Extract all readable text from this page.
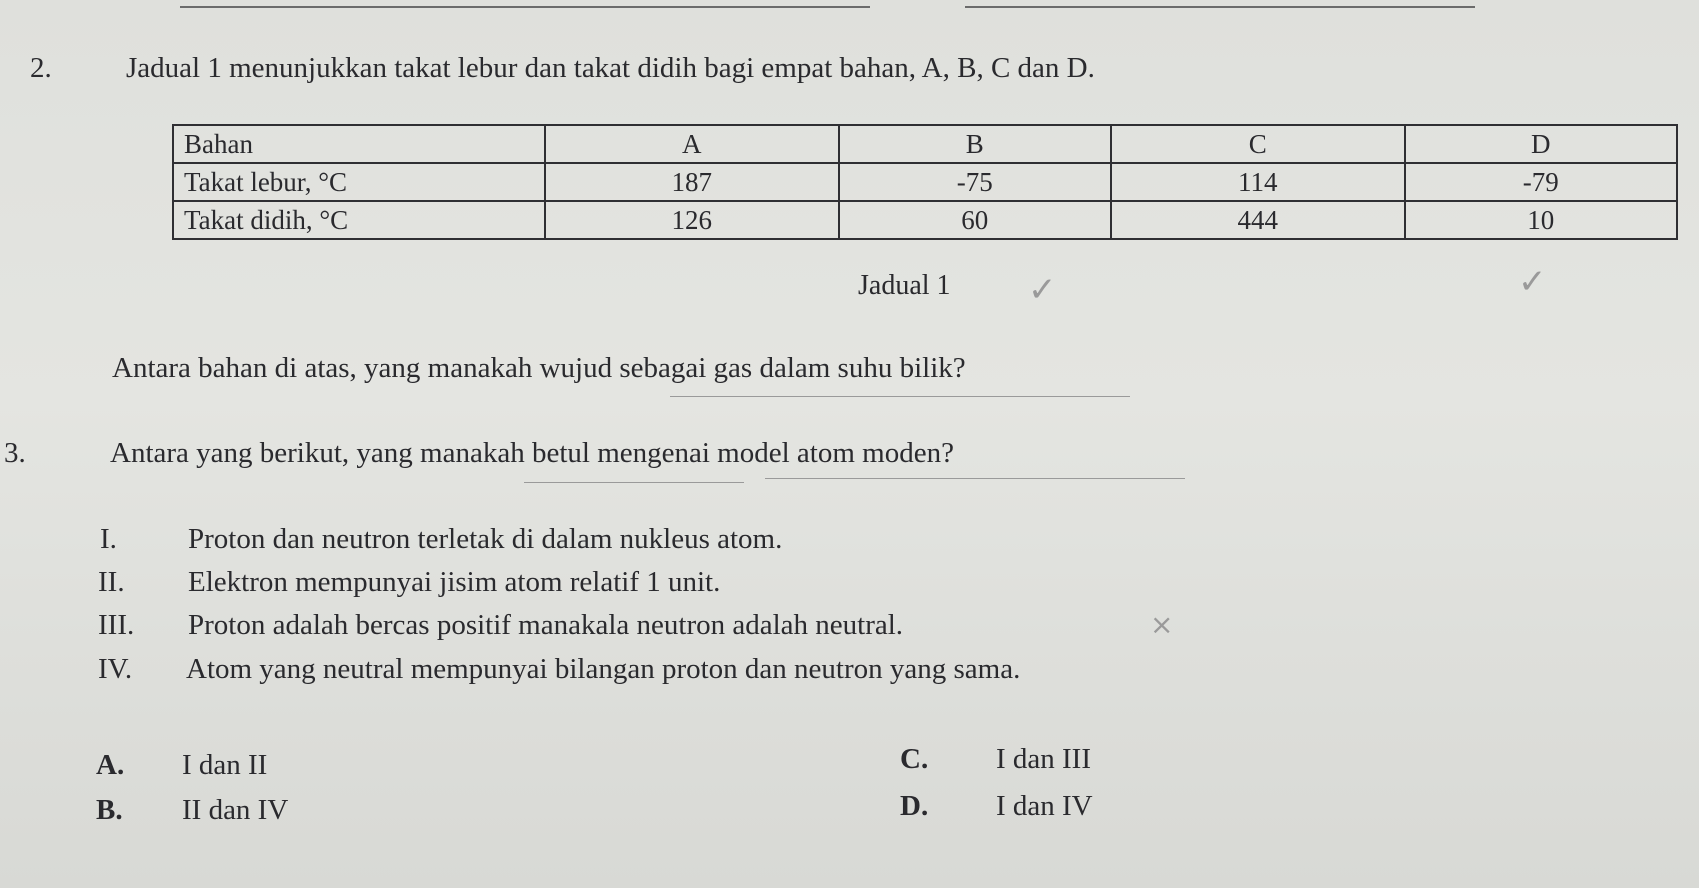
2.	Jadual 1 menunjukkan takat lebur dan takat didih bagi empat bahan, A, B, C dan D.
Bahan	A	B	C	D
Takat lebur, °C	187	-75	114	-79
Takat didih, °C	126	60	444	10
Jadual 1 ✓	✓
Antara bahan di atas, yang manakah wujud sebagai gas dalam suhu bilik?
3.	Antara yang berikut, yang manakah betul mengenai model atom moden?
I. Proton dan neutron terletak di dalam nukleus atom.
II. Elektron mempunyai jisim atom relatif 1 unit.
III. Proton adalah bercas positif manakala neutron adalah neutral.	×
IV. Atom yang neutral mempunyai bilangan proton dan neutron yang sama.
A. I dan II
B. II dan IV
C. I dan III
D. I dan IV
